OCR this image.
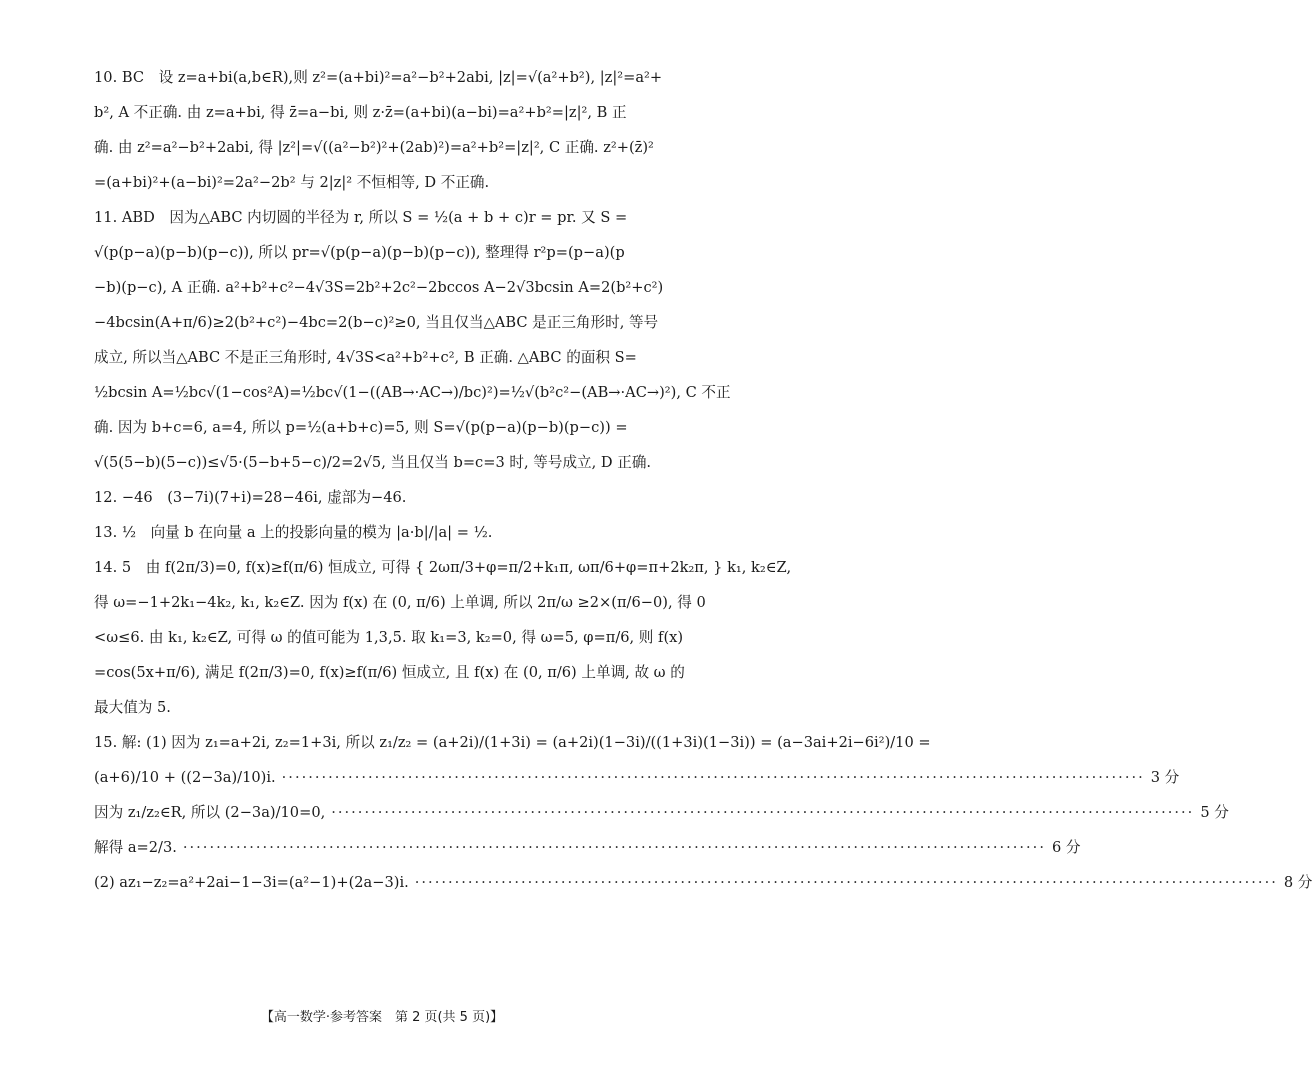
10. BC　设 z=a+bi(a,b∈R),则 z²=(a+bi)²=a²−b²+2abi, |z|=√(a²+b²), |z|²=a²+
b², A 不正确. 由 z=a+bi, 得 z̄=a−bi, 则 z·z̄=(a+bi)(a−bi)=a²+b²=|z|², B 正
确. 由 z²=a²−b²+2abi, 得 |z²|=√((a²−b²)²+(2ab)²)=a²+b²=|z|², C 正确. z²+(z̄)²
=(a+bi)²+(a−bi)²=2a²−2b² 与 2|z|² 不恒相等, D 不正确.
11. ABD　因为△ABC 内切圆的半径为 r, 所以 S = ½(a + b + c)r = pr. 又 S =
√(p(p−a)(p−b)(p−c)), 所以 pr=√(p(p−a)(p−b)(p−c)), 整理得 r²p=(p−a)(p
−b)(p−c), A 正确. a²+b²+c²−4√3S=2b²+2c²−2bccos A−2√3bcsin A=2(b²+c²)
−4bcsin(A+π/6)≥2(b²+c²)−4bc=2(b−c)²≥0, 当且仅当△ABC 是正三角形时, 等号
成立, 所以当△ABC 不是正三角形时, 4√3S<a²+b²+c², B 正确. △ABC 的面积 S=
½bcsin A=½bc√(1−cos²A)=½bc√(1−((AB→·AC→)/bc)²)=½√(b²c²−(AB→·AC→)²), C 不正
确. 因为 b+c=6, a=4, 所以 p=½(a+b+c)=5, 则 S=√(p(p−a)(p−b)(p−c)) =
√(5(5−b)(5−c))≤√5·(5−b+5−c)/2=2√5, 当且仅当 b=c=3 时, 等号成立, D 正确.
12. −46　(3−7i)(7+i)=28−46i, 虚部为−46.
13. ½　向量 b 在向量 a 上的投影向量的模为 |a·b|/|a| = ½.
14. 5　由 f(2π/3)=0, f(x)≥f(π/6) 恒成立, 可得 { 2ωπ/3+φ=π/2+k₁π, ωπ/6+φ=π+2k₂π, } k₁, k₂∈Z,
得 ω=−1+2k₁−4k₂, k₁, k₂∈Z. 因为 f(x) 在 (0, π/6) 上单调, 所以 2π/ω ≥2×(π/6−0), 得 0
<ω≤6. 由 k₁, k₂∈Z, 可得 ω 的值可能为 1,3,5. 取 k₁=3, k₂=0, 得 ω=5, φ=π/6, 则 f(x)
=cos(5x+π/6), 满足 f(2π/3)=0, f(x)≥f(π/6) 恒成立, 且 f(x) 在 (0, π/6) 上单调, 故 ω 的
最大值为 5.
15. 解: (1) 因为 z₁=a+2i, z₂=1+3i, 所以 z₁/z₂ = (a+2i)/(1+3i) = (a+2i)(1−3i)/((1+3i)(1−3i)) = (a−3ai+2i−6i²)/10 =
(a+6)/10 + ((2−3a)/10)i. ·····	3 分
因为 z₁/z₂∈R, 所以 (2−3a)/10=0, ·····	5 分
解得 a=2/3. ·····	6 分
(2) az₁−z₂=a²+2ai−1−3i=(a²−1)+(2a−3)i. ·····	8 分
【高一数学·参考答案　第 2 页(共 5 页)】
